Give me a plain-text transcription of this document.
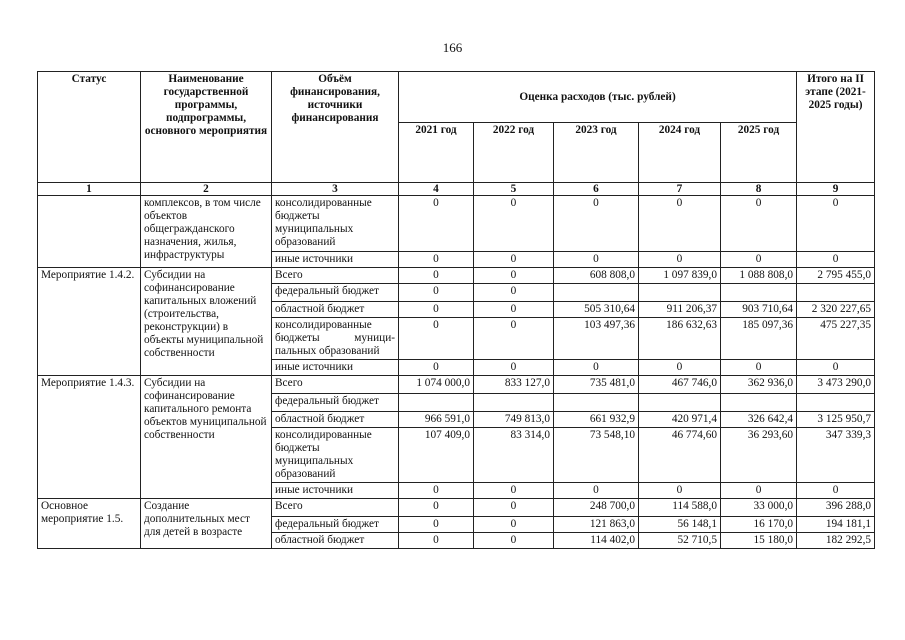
166
Статус	Наименование государственной программы, подпрограммы, основного мероприятия	Объём финансирования, источники финансирования	Оценка расходов (тыс. рублей)					Итого на II этапе (2021-2025 годы)
			2021 год	2022 год	2023 год	2024 год	2025 год	
1	2	3	4	5	6	7	8	9
	комплексов, в том числе объектов общегражданского назначения, жилья, инфраструктуры	консолидированные бюджеты муниципальных образований	0	0	0	0	0	0
		иные источники	0	0	0	0	0	0
Мероприятие 1.4.2.	Субсидии на софинансирование капитальных вложений (строительства, реконструкции) в объекты муниципальной собственности	Всего	0	0	608 808,0	1 097 839,0	1 088 808,0	2 795 455,0
		федеральный бюджет	0	0				
		областной бюджет	0	0	505 310,64	911 206,37	903 710,64	2 320 227,65
		консолидированные бюджеты муници-пальных образований	0	0	103 497,36	186 632,63	185 097,36	475 227,35
		иные источники	0	0	0	0	0	0
Мероприятие 1.4.3.	Субсидии на софинансирование капитального ремонта объектов муниципальной собственности	Всего	1 074 000,0	833 127,0	735 481,0	467 746,0	362 936,0	3 473 290,0
		федеральный бюджет						
		областной бюджет	966 591,0	749 813,0	661 932,9	420 971,4	326 642,4	3 125 950,7
		консолидированные бюджеты муниципальных образований	107 409,0	83 314,0	73 548,10	46 774,60	36 293,60	347 339,3
		иные источники	0	0	0	0	0	0
Основное мероприятие 1.5.	Создание дополнительных мест для детей в возрасте	Всего	0	0	248 700,0	114 588,0	33 000,0	396 288,0
		федеральный бюджет	0	0	121 863,0	56 148,1	16 170,0	194 181,1
		областной бюджет	0	0	114 402,0	52 710,5	15 180,0	182 292,5
